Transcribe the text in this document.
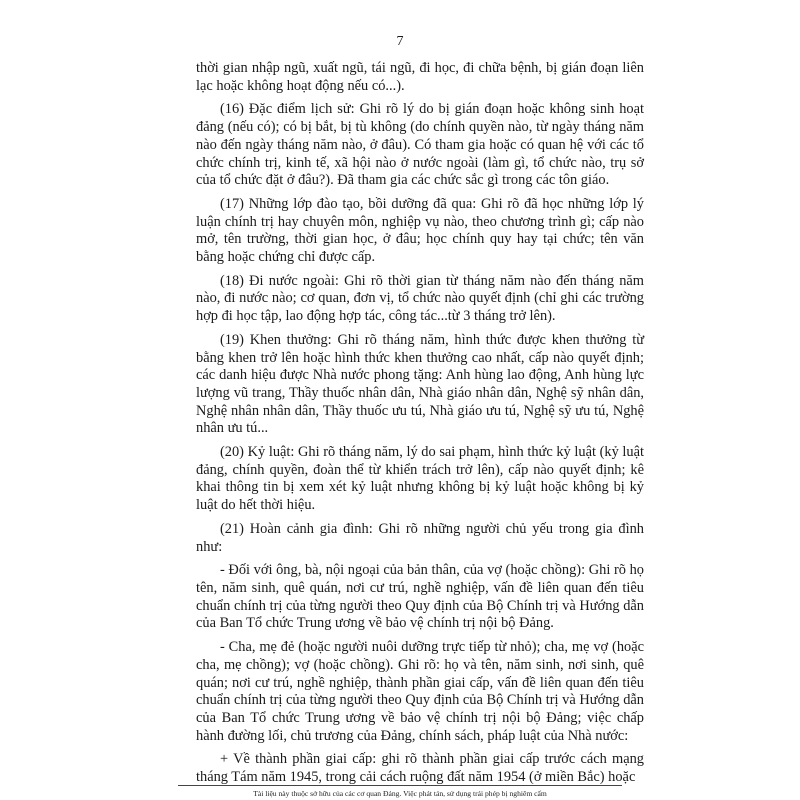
7

thời gian nhập ngũ, xuất ngũ, tái ngũ, đi học, đi chữa bệnh, bị gián đoạn liên lạc hoặc không hoạt động nếu có...).

(16) Đặc điểm lịch sử: Ghi rõ lý do bị gián đoạn hoặc không sinh hoạt đảng (nếu có); có bị bắt, bị tù không (do chính quyền nào, từ ngày tháng năm nào đến ngày tháng năm nào, ở đâu). Có tham gia hoặc có quan hệ với các tổ chức chính trị, kinh tế, xã hội nào ở nước ngoài (làm gì, tổ chức nào, trụ sở của tổ chức đặt ở đâu?). Đã tham gia các chức sắc gì trong các tôn giáo.

(17) Những lớp đào tạo, bồi dưỡng đã qua: Ghi rõ đã học những lớp lý luận chính trị hay chuyên môn, nghiệp vụ nào, theo chương trình gì; cấp nào mở, tên trường, thời gian học, ở đâu; học chính quy hay tại chức; tên văn bằng hoặc chứng chỉ được cấp.

(18) Đi nước ngoài: Ghi rõ thời gian từ tháng năm nào đến tháng năm nào, đi nước nào; cơ quan, đơn vị, tổ chức nào quyết định (chỉ ghi các trường hợp đi học tập, lao động hợp tác, công tác...từ 3 tháng trở lên).

(19) Khen thưởng: Ghi rõ tháng năm, hình thức được khen thưởng từ bằng khen trở lên hoặc hình thức khen thưởng cao nhất, cấp nào quyết định; các danh hiệu được Nhà nước phong tặng: Anh hùng lao động, Anh hùng lực lượng vũ trang, Thầy thuốc nhân dân, Nhà giáo nhân dân, Nghệ sỹ nhân dân, Nghệ nhân nhân dân, Thầy thuốc ưu tú, Nhà giáo ưu tú, Nghệ sỹ ưu tú, Nghệ nhân ưu tú...

(20) Kỷ luật: Ghi rõ tháng năm, lý do sai phạm, hình thức kỷ luật (kỷ luật đảng, chính quyền, đoàn thể từ khiển trách trở lên), cấp nào quyết định; kê khai thông tin bị xem xét kỷ luật nhưng không bị kỷ luật hoặc không bị kỷ luật do hết thời hiệu.

(21) Hoàn cảnh gia đình: Ghi rõ những người chủ yếu trong gia đình như:

- Đối với ông, bà, nội ngoại của bản thân, của vợ (hoặc chồng): Ghi rõ họ tên, năm sinh, quê quán, nơi cư trú, nghề nghiệp, vấn đề liên quan đến tiêu chuẩn chính trị của từng người theo Quy định của Bộ Chính trị và Hướng dẫn của Ban Tổ chức Trung ương về bảo vệ chính trị nội bộ Đảng.

- Cha, mẹ đẻ (hoặc người nuôi dưỡng trực tiếp từ nhỏ); cha, mẹ vợ (hoặc cha, mẹ chồng); vợ (hoặc chồng). Ghi rõ: họ và tên, năm sinh, nơi sinh, quê quán; nơi cư trú, nghề nghiệp, thành phần giai cấp, vấn đề liên quan đến tiêu chuẩn chính trị của từng người theo Quy định của Bộ Chính trị và Hướng dẫn của Ban Tổ chức Trung ương về bảo vệ chính trị nội bộ Đảng; việc chấp hành đường lối, chủ trương của Đảng, chính sách, pháp luật của Nhà nước:

+ Về thành phần giai cấp: ghi rõ thành phần giai cấp trước cách mạng tháng Tám năm 1945, trong cải cách ruộng đất năm 1954 (ở miền Bắc) hoặc

Tài liệu này thuộc sở hữu của các cơ quan Đảng. Việc phát tán, sử dụng trái phép bị nghiêm cấm
